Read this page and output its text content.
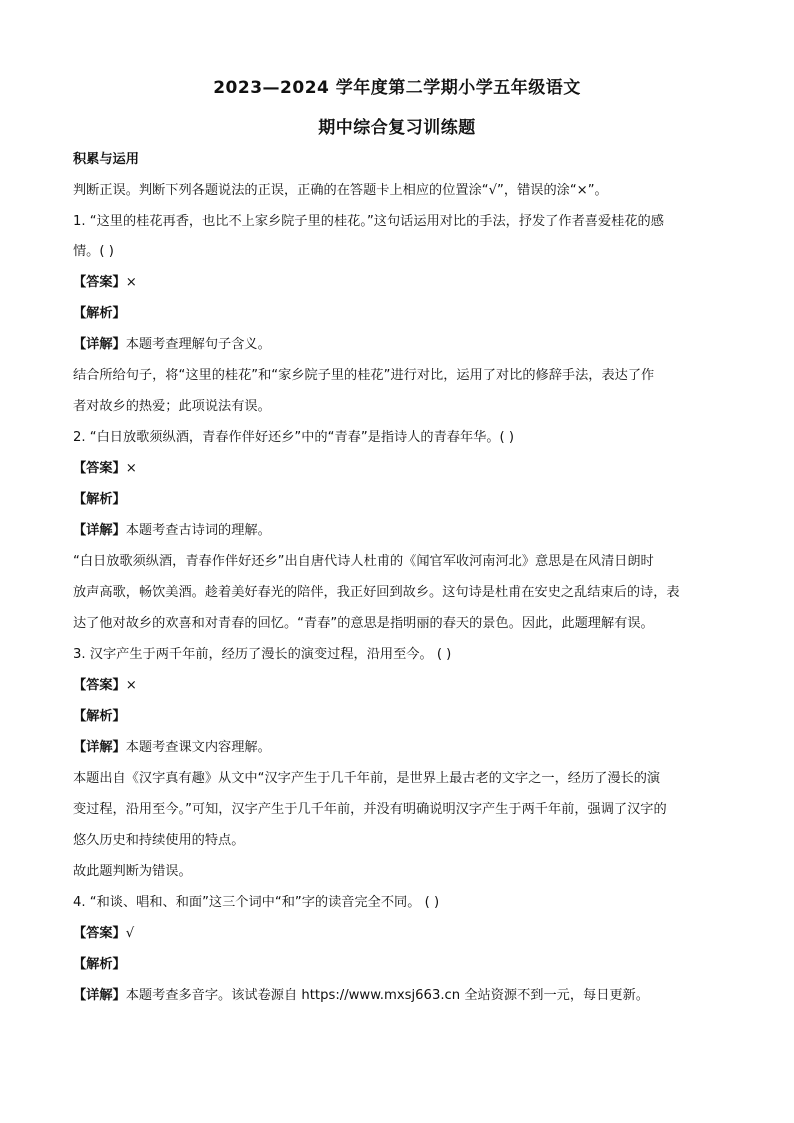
2023—2024 学年度第二学期小学五年级语文
期中综合复习训练题
积累与运用
判断正误。判断下列各题说法的正误，正确的在答题卡上相应的位置涂“√”，错误的涂“×”。
1. “这里的桂花再香，也比不上家乡院子里的桂花。”这句话运用对比的手法，抒发了作者喜爱桂花的感
情。( )
【答案】×
【解析】
【详解】本题考查理解句子含义。
结合所给句子，将“这里的桂花”和“家乡院子里的桂花”进行对比，运用了对比的修辞手法，表达了作
者对故乡的热爱；此项说法有误。
2. “白日放歌须纵酒，青春作伴好还乡”中的“青春”是指诗人的青春年华。( )
【答案】×
【解析】
【详解】本题考查古诗词的理解。
“白日放歌须纵酒，青春作伴好还乡”出自唐代诗人杜甫的《闻官军收河南河北》意思是在风清日朗时
放声高歌，畅饮美酒。趁着美好春光的陪伴，我正好回到故乡。这句诗是杜甫在安史之乱结束后的诗，表
达了他对故乡的欢喜和对青春的回忆。“青春”的意思是指明丽的春天的景色。因此，此题理解有误。
3. 汉字产生于两千年前，经历了漫长的演变过程，沿用至今。 ( )
【答案】×
【解析】
【详解】本题考查课文内容理解。
本题出自《汉字真有趣》从文中“汉字产生于几千年前，是世界上最古老的文字之一，经历了漫长的演
变过程，沿用至今。”可知，汉字产生于几千年前，并没有明确说明汉字产生于两千年前，强调了汉字的
悠久历史和持续使用的特点。
故此题判断为错误。
4. “和谈、唱和、和面”这三个词中“和”字的读音完全不同。 ( )
【答案】√
【解析】
【详解】本题考查多音字。该试卷源自 https://www.mxsj663.cn 全站资源不到一元，每日更新。
